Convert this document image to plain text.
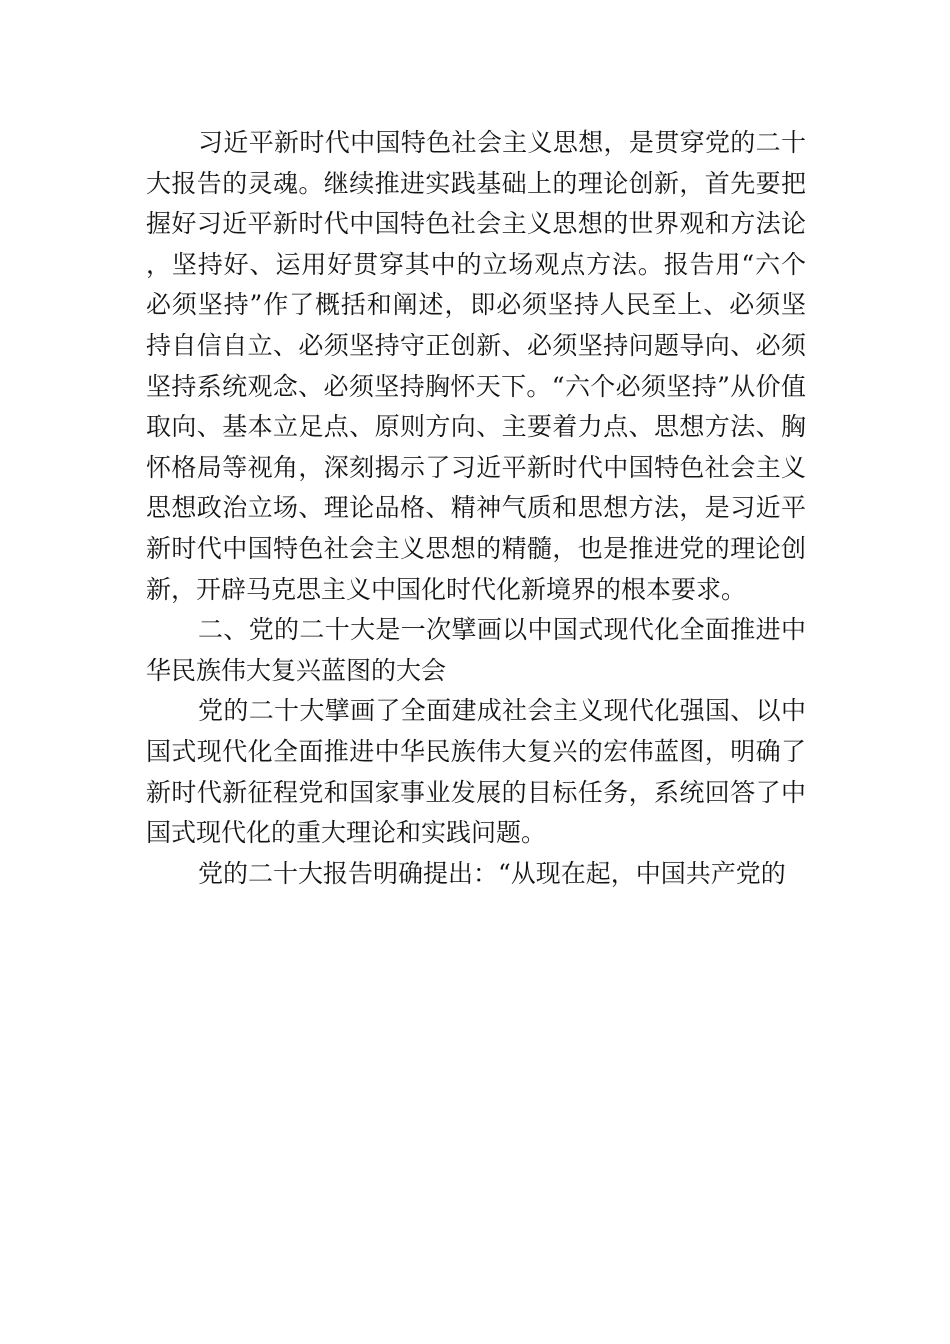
习近平新时代中国特色社会主义思想，是贯穿党的二十大报告的灵魂。继续推进实践基础上的理论创新，首先要把握好习近平新时代中国特色社会主义思想的世界观和方法论，坚持好、运用好贯穿其中的立场观点方法。报告用“六个必须坚持”作了概括和阐述，即必须坚持人民至上、必须坚持自信自立、必须坚持守正创新、必须坚持问题导向、必须坚持系统观念、必须坚持胸怀天下。“六个必须坚持”从价值取向、基本立足点、原则方向、主要着力点、思想方法、胸怀格局等视角，深刻揭示了习近平新时代中国特色社会主义思想政治立场、理论品格、精神气质和思想方法，是习近平新时代中国特色社会主义思想的精髓，也是推进党的理论创新，开辟马克思主义中国化时代化新境界的根本要求。

二、党的二十大是一次擘画以中国式现代化全面推进中华民族伟大复兴蓝图的大会

党的二十大擘画了全面建成社会主义现代化强国、以中国式现代化全面推进中华民族伟大复兴的宏伟蓝图，明确了新时代新征程党和国家事业发展的目标任务，系统回答了中国式现代化的重大理论和实践问题。

党的二十大报告明确提出：“从现在起，中国共产党的
